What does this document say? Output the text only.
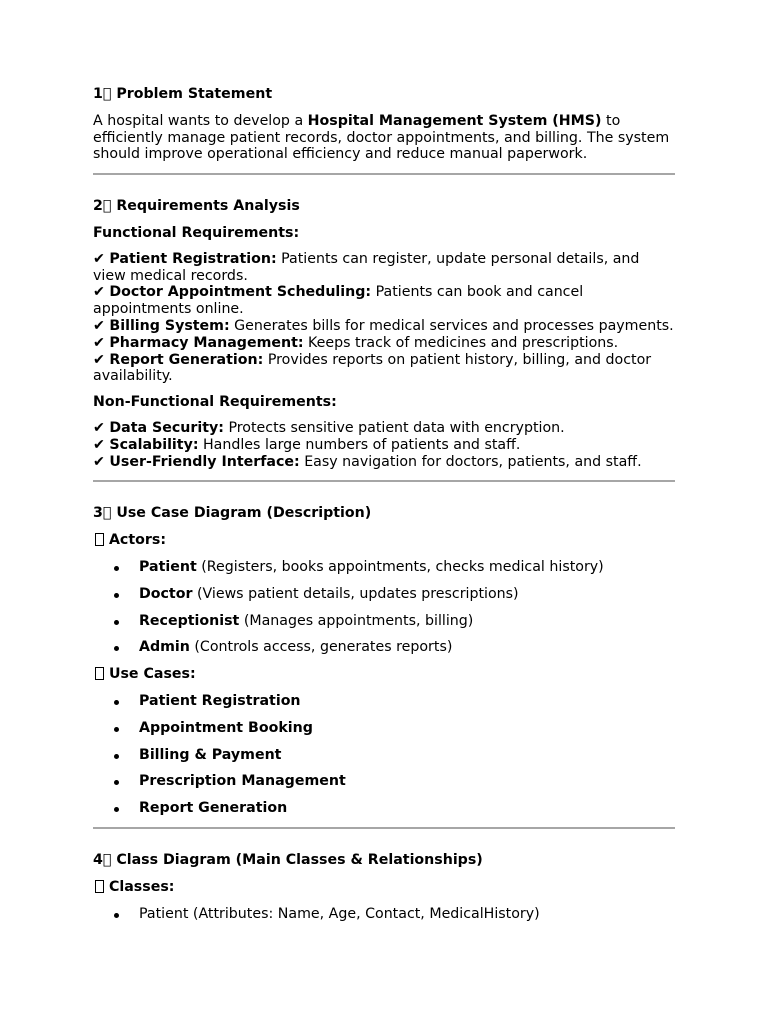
1⃣ Problem Statement

A hospital wants to develop a Hospital Management System (HMS) to efficiently manage patient records, doctor appointments, and billing. The system should improve operational efficiency and reduce manual paperwork.

2⃣ Requirements Analysis

Functional Requirements:

✔ Patient Registration: Patients can register, update personal details, and view medical records.

✔ Doctor Appointment Scheduling: Patients can book and cancel appointments online.

✔ Billing System: Generates bills for medical services and processes payments.

✔ Pharmacy Management: Keeps track of medicines and prescriptions.

✔ Report Generation: Provides reports on patient history, billing, and doctor availability.

Non-Functional Requirements:

✔ Data Security: Protects sensitive patient data with encryption.

✔ Scalability: Handles large numbers of patients and staff.

✔ User-Friendly Interface: Easy navigation for doctors, patients, and staff.

3⃣ Use Case Diagram (Description)

Actors:

Patient (Registers, books appointments, checks medical history)
Doctor (Views patient details, updates prescriptions)
Receptionist (Manages appointments, billing)
Admin (Controls access, generates reports)

Use Cases:

Patient Registration
Appointment Booking
Billing & Payment
Prescription Management
Report Generation

4⃣ Class Diagram (Main Classes & Relationships)

Classes:

Patient (Attributes: Name, Age, Contact, MedicalHistory)
